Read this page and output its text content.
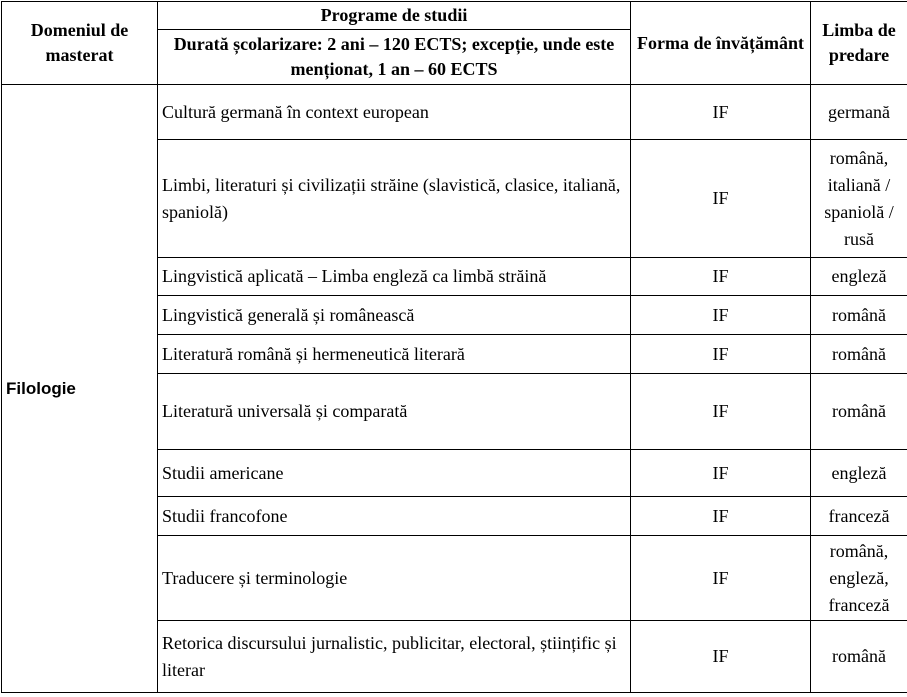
Domeniul de masterat	Programe de studii	Forma de învățământ	Limba de predare
	Durată școlarizare: 2 ani – 120 ECTS; excepție, unde este menționat, 1 an – 60 ECTS		
Filologie	Cultură germană în context european	IF	germană
	Limbi, literaturi și civilizații străine (slavistică, clasice, italiană, spaniolă)	IF	română, italiană / spaniolă / rusă
	Lingvistică aplicată – Limba engleză ca limbă străină	IF	engleză
	Lingvistică generală și românească	IF	română
	Literatură română și hermeneutică literară	IF	română
	Literatură universală și comparată	IF	română
	Studii americane	IF	engleză
	Studii francofone	IF	franceză
	Traducere și terminologie	IF	română, engleză, franceză
	Retorica discursului jurnalistic, publicitar, electoral, științific și literar	IF	română
